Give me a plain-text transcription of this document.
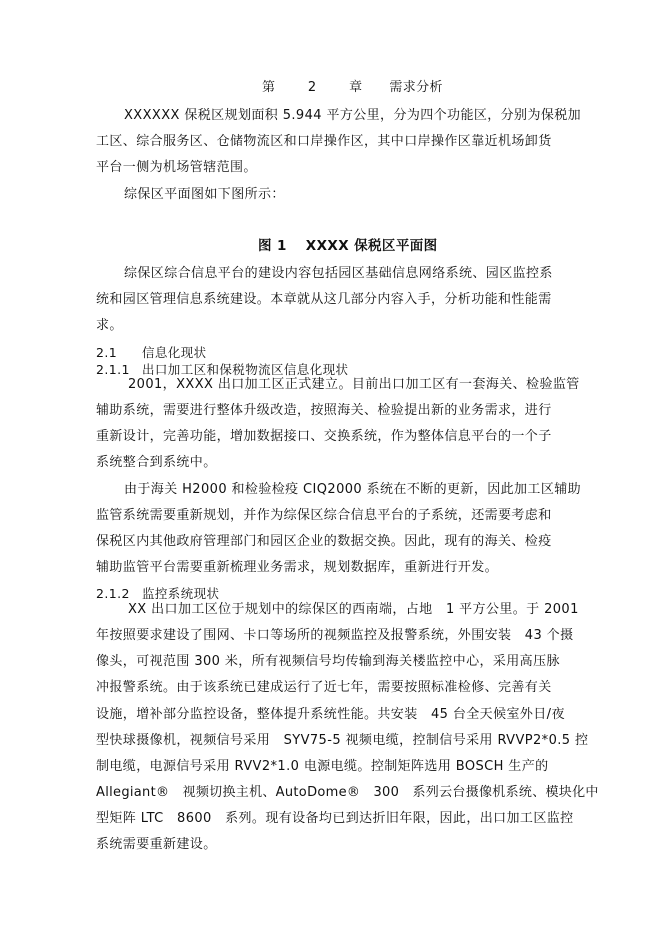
第 2 章　　需求分析
XXXXXX 保税区规划面积 5.944 平方公里，分为四个功能区，分别为保税加
工区、综合服务区、仓储物流区和口岸操作区，其中口岸操作区靠近机场卸货
平台一侧为机场管辖范围。
综保区平面图如下图所示：
图 1　 XXXX 保税区平面图
综保区综合信息平台的建设内容包括园区基础信息网络系统、园区监控系
统和园区管理信息系统建设。本章就从这几部分内容入手，分析功能和性能需
求。
2.1 信息化现状
2.1.1 出口加工区和保税物流区信息化现状
2001，XXXX 出口加工区正式建立。目前出口加工区有一套海关、检验监管
辅助系统，需要进行整体升级改造，按照海关、检验提出新的业务需求，进行
重新设计，完善功能，增加数据接口、交换系统，作为整体信息平台的一个子
系统整合到系统中。
由于海关 H2000 和检验检疫 CIQ2000 系统在不断的更新，因此加工区辅助
监管系统需要重新规划，并作为综保区综合信息平台的子系统，还需要考虑和
保税区内其他政府管理部门和园区企业的数据交换。因此，现有的海关、检疫
辅助监管平台需要重新梳理业务需求，规划数据库，重新进行开发。
2.1.2 监控系统现状
XX 出口加工区位于规划中的综保区的西南端，占地　1 平方公里。于 2001
年按照要求建设了围网、卡口等场所的视频监控及报警系统，外围安装　43 个摄
像头，可视范围 300 米，所有视频信号均传输到海关楼监控中心，采用高压脉
冲报警系统。由于该系统已建成运行了近七年，需要按照标准检修、完善有关
设施，增补部分监控设备，整体提升系统性能。共安装　45 台全天候室外日/夜
型快球摄像机，视频信号采用　SYV75-5 视频电缆，控制信号采用 RVVP2*0.5 控
制电缆，电源信号采用 RVV2*1.0 电源电缆。控制矩阵选用 BOSCH 生产的
Allegiant®　视频切换主机、AutoDome®　300　系列云台摄像机系统、模块化中
型矩阵 LTC　8600　系列。现有设备均已到达折旧年限，因此，出口加工区监控
系统需要重新建设。
